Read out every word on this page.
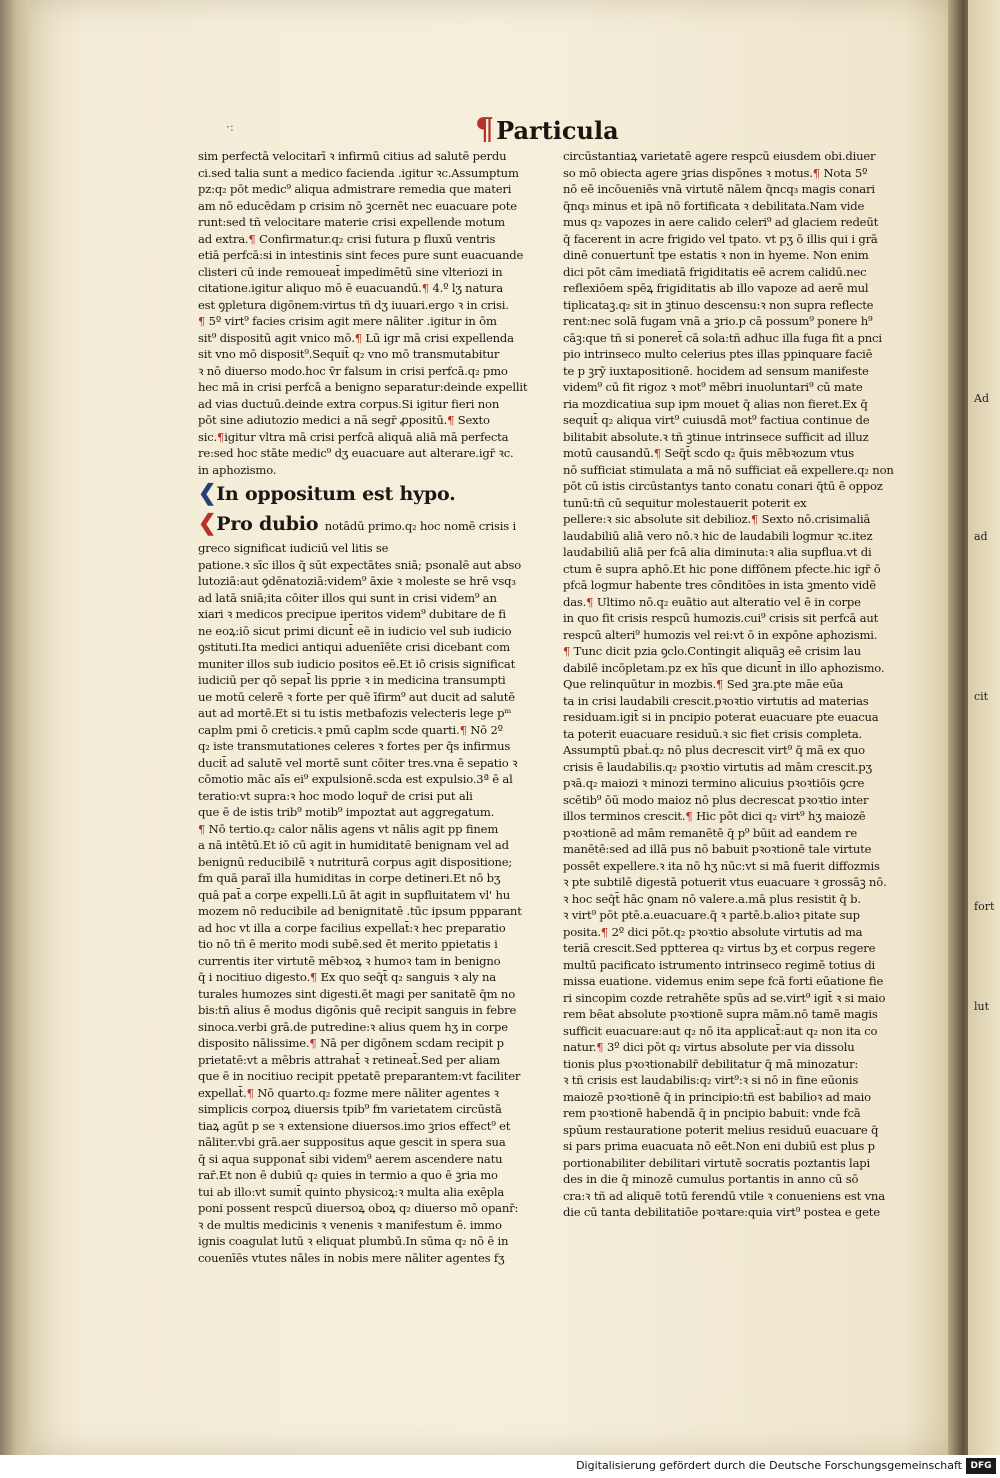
Ad
ad
cit
fort
lut
·:	¶Particula
sim perfectā velocitarī ꝛ infirmū citius ad salutē perdu
ci.sed talia sunt a medico facienda .igitur ꝛc.Assumptum
pz:q₂ pōt medic⁹ aliqua admistrare remedia que materi
am nō educēdam p crisim nō ꝫcernēt nec euacuare pote
runt:sed tñ velocitare materie crisi expellende motum
ad extra.¶ Confirmatur.q₂ crisi futura p fluxū ventris
etiā perfcā:si in intestinis sint feces pure sunt euacuande
clisteri cū inde remoueat̄ impedimētū sine vlteriozi in
citatione.igitur aliquo mō ē euacuandū.¶ 4.º lʒ natura
est ꝯpletura digōnem:virtus tñ dʒ iuuari.ergo ꝛ in crisi.
¶ 5º virt⁹ facies crisim agit mere nāliter .igitur in ōm
sit⁹ dispositū agit vnico mō.¶ Lū igr mā crisi expellenda
sit vno mō disposit⁹.Sequit̄ q₂ vno mō transmutabitur
ꝛ nō diuerso modo.hoc v̄r falsum in crisi perfcā.q₂ pmo
hec mā in crisi perfcā a benigno separatur:deinde expellit
ad vias ductuū.deinde extra corpus.Si igitur fieri non
pōt sine adiutozio medici a nā segr̄ ꝓpositū.¶ Sexto
sic.¶igitur vltra mā crisi perfcā aliquā aliā mā perfecta
re:sed hoc stāte medic⁹ dʒ euacuare aut alterare.igr̄ ꝛc.
in aphozismo.
❮In oppositum est hypo.
❮Pro dubio notādū primo.q₂ hoc nomē crisis i
greco significat iudiciū vel litis se
patione.ꝛ sīc illos q̄ sūt expectātes sniā; psonalē aut abso
lutoziā:aut ꝯdēnatoziā:videm⁹ āxie ꝛ moleste se hrē vsq₃
ad latā sniā;ita cōiter illos qui sunt in crisi videm⁹ an
xiari ꝛ medicos precipue iperitos videm⁹ dubitare de fi
ne eoꝝ:iō sicut primi dicunt̄ eē in iudicio vel sub iudicio
ꝯstituti.Ita medici antiqui aduenīēte crisi dicebant com
muniter illos sub iudicio positos eē.Et iō crisis significat
iudiciū per qō sepat̄ lis pprie ꝛ in medicina transumpti
ue motū celerē ꝛ forte per quē īfirm⁹ aut ducit ad salutē
aut ad mortē.Et si tu istis metbafozis velecteris lege pᵐ
caplm pmi ō creticis.ꝛ pmū caplm scde quarti.¶ Nō 2º
q₂ iste transmutationes celeres ꝛ fortes per q̄s infirmus
ducit̄ ad salutē vel mortē sunt cōiter tres.vna ē sepatio ꝛ
cōmotio māc aīs ei⁹ expulsionē.scda est expulsio.3ª ē al
teratio:vt supra:ꝛ hoc modo loqur̄ de crisi put ali
que ē de istis trib⁹ motib⁹ impoztat aut aggregatum.
¶ Nō tertio.q₂ calor nālis agens vt nālis agit pp finem
a nā intētū.Et iō cū agit in humiditatē benignam vel ad
benignū reducibilē ꝛ nutriturā corpus agit dispositione;
fm quā paraī illa humiditas in corpe detineri.Et nō bʒ
quā pat̄ a corpe expelli.Lū āt agit in supfluitatem vl' hu
mozem nō reducibile ad benignitatē .tūc ipsum ppparant
ad hoc vt illa a corpe facilius expellat̄:ꝛ hec preparatio
tio nō tñ ē merito modi subē.sed ēt merito ppietatis i
currentis iter virtutē mēbꝛoꝝ ꝛ humoꝛ tam in benigno
q̄ i nocitiuo digesto.¶ Ex quo seq̄t̄ q₂ sanguis ꝛ aly na
turales humozes sint digesti.ēt magi per sanitatē q̄m no
bis:tñ alius ē modus digōnis quē recipit sanguis in febre
sinoca.verbi grā.de putredine:ꝛ alius quem hʒ in corpe
disposito nālissime.¶ Nā per digōnem scdam recipit p
prietatē:vt a mēbris attrahat̄ ꝛ retineat̄.Sed per aliam
que ē in nocitiuo recipit ppetatē preparantem:vt faciliter
expellat̄.¶ Nō quarto.q₂ fozme mere nāliter agentes ꝛ
simplicis corpoꝝ diuersis tpib⁹ fm varietatem circūstā
tiaꝝ agūt p se ꝛ extensione diuersos.imo ꝫrios effect⁹ et
nāliter.vbi grā.aer suppositus aque gescit in spera sua
q̄ si aqua supponat̄ sibi videm⁹ aerem ascendere natu
rar̄.Et non ē dubiū q₂ quies in termio a quo ē ꝫria mo
tui ab illo:vt sumit̄ quinto physicoꝝ:ꝛ multa alia exēpla
poni possent respcū diuersoꝝ oboꝝ q₂ diuerso mō opanr̄:
ꝛ de multis medicinis ꝛ venenis ꝛ manifestum ē. immo
ignis coagulat lutū ꝛ eliquat plumbū.In sūma q₂ nō ē in
couenīēs vtutes nāles in nobis mere nāliter agentes fʒ
circūstantiaꝝ varietatē agere respcū eiusdem obi.diuer
so mō obiecta agere ꝫrias dispōnes ꝛ motus.¶ Nota 5º
nō eē incōueniēs vnā virtutē nālem q̄ncq₃ magis conari
q̄nq₃ minus et ipā nō fortificata ꝛ debilitata.Nam vide
mus q₂ vapozes in aere calido celeri⁹ ad glaciem redeūt
q̄ facerent in acre frigido vel tpato. vt pʒ ō illis qui i grā
dinē conuertunt̄ tpe estatis ꝛ non in hyeme. Non enim
dici pōt cām imediatā frigiditatis eē acrem calidū.nec
reflexiōem spēꝝ frigiditatis ab illo vapoze ad aerē mul
tiplicataꝫ.q₂ sit in ꝫtinuo descensu:ꝛ non supra reflecte
rent:nec solā fugam vnā a ꝫrio.p cā possum⁹ ponere h⁹
cāꝫ:que tñ si poneret̄ cā sola:tñ adhuc illa fuga fit a pnci
pio intrinseco multo celerius ptes illas ppinquare faciē
te p ꝫrȳ iuxtapositionē. hocidem ad sensum manifeste
videm⁹ cū fit rigoz ꝛ mot⁹ mēbri inuoluntari⁹ cū mate
ria mozdicatiua sup ipm mouet q̄ alias non fieret.Ex q̄
sequit̄ q₂ aliqua virt⁹ cuiusdā mot⁹ factiua continue de
bilitabit absolute.ꝛ tñ ꝫtinue intrinsece sufficit ad illuz
motū causandū.¶ Seq̄t̄ scdo q₂ q̄uis mēbꝛozum vtus
nō sufficiat stimulata a mā nō sufficiat eā expellere.q₂ non
pōt cū istis circūstantys tanto conatu conari q̄tū ē oppoz
tunū:tñ cū sequitur molestauerit poterit ex
pellere:ꝛ sic absolute sit debilioz.¶ Sexto nō.crisimaliā
laudabiliū aliā vero nō.ꝛ hic de laudabili logmur ꝛc.itez
laudabiliū aliā per fcā alia diminuta:ꝛ alia supflua.vt di
ctum ē supra aphō.Et hic pone diffōnem pfecte.hic igr̄ ō
pfcā logmur habente tres cōnditōes in ista ꝫmento vidē
das.¶ Ultimo nō.q₂ euātio aut alteratio vel ē in corpe
in quo fit crisis respcū humozis.cui⁹ crisis sit perfcā aut
respcū alteri⁹ humozis vel rei:vt ō in expōne aphozismi.
¶ Tunc dicit pzia ꝯclo.Contingit aliquāꝫ eē crisim lau
dabilē incōpletam.pz ex hīs que dicunt̄ in illo aphozismo.
Que relinquūtur in mozbis.¶ Sed ꝫra.pte māe eūa
ta in crisi laudabili crescit.pꝛoꝛtio virtutis ad materias
residuam.igit̄ si in pncipio poterat euacuare pte euacua
ta poterit euacuare residuū.ꝛ sic fiet crisis completa.
Assumptū pbaṫ.q₂ nō plus decrescit virt⁹ q̄ mā ex quo
crisis ē laudabilis.q₂ pꝛoꝛtio virtutis ad mām crescit.pʒ
pꝛā.q₂ maiozi ꝛ minozi termino alicuius pꝛoꝛtiōis ꝯcre
scētib⁹ ōū modo maioz nō plus decrescat pꝛoꝛtio inter
illos terminos crescit.¶ Hic pōt dici q₂ virt⁹ hʒ maiozē
pꝛoꝛtionē ad mām remanētē q̄ p⁹ būit ad eandem re
manētē:sed ad illā pus nō babuit pꝛoꝛtionē tale virtute
possēt expellere.ꝛ ita nō hʒ nūc:vt si mā fuerit diffozmis
ꝛ pte subtilē digestā potuerit vtus euacuare ꝛ grossāꝫ nō.
ꝛ hoc seq̄t̄ hāc ꝯnam nō valere.a.mā plus resistit q̄ b.
ꝛ virt⁹ pōt ptē.a.euacuare.q̄ ꝛ partē.b.alioꝛ pitate sup
posita.¶ 2º dici pōt.q₂ pꝛoꝛtio absolute virtutis ad ma
teriā crescit.Sed pptterea q₂ virtus bʒ et corpus regere
multū pacificato istrumento intrinseco regimē totius di
missa euatione. videmus enim sepe fcā forti eūatione fie
ri sincopim cozde retrahēte spūs ad se.virt⁹ igit̄ ꝛ si maio
rem bēat absolute pꝛoꝛtionē supra mām.nō tamē magis
sufficit euacuare:aut q₂ nō ita applicat̄:aut q₂ non ita co
natur.¶ 3º dici pōt q₂ virtus absolute per via dissolu
tionis plus pꝛoꝛtionabilr̄ debilitatur q̄ mā minozatur:
ꝛ tñ crisis est laudabilis:q₂ virt⁹:ꝛ si nō in fine eūonis
maiozē pꝛoꝛtionē q̄ in principio:tñ est babilioꝛ ad maio
rem pꝛoꝛtionē habendā q̄ in pncipio babuit: vnde fcā
spūum restauratione poterit melius residuū euacuare q̄
si pars prima euacuata nō eēt.Non eni dubiū est plus p
portionabiliter debilitari virtutē socratis poztantis lapi
des in die q̄ minozē cumulus portantis in anno cū sō
cra:ꝛ tñ ad aliquē totū ferendū vtile ꝛ conueniens est vna
die cū tanta debilitatiōe poꝛtare:quia virt⁹ postea e gete
Digitalisierung gefördert durch die Deutsche Forschungsgemeinschaft DFG
